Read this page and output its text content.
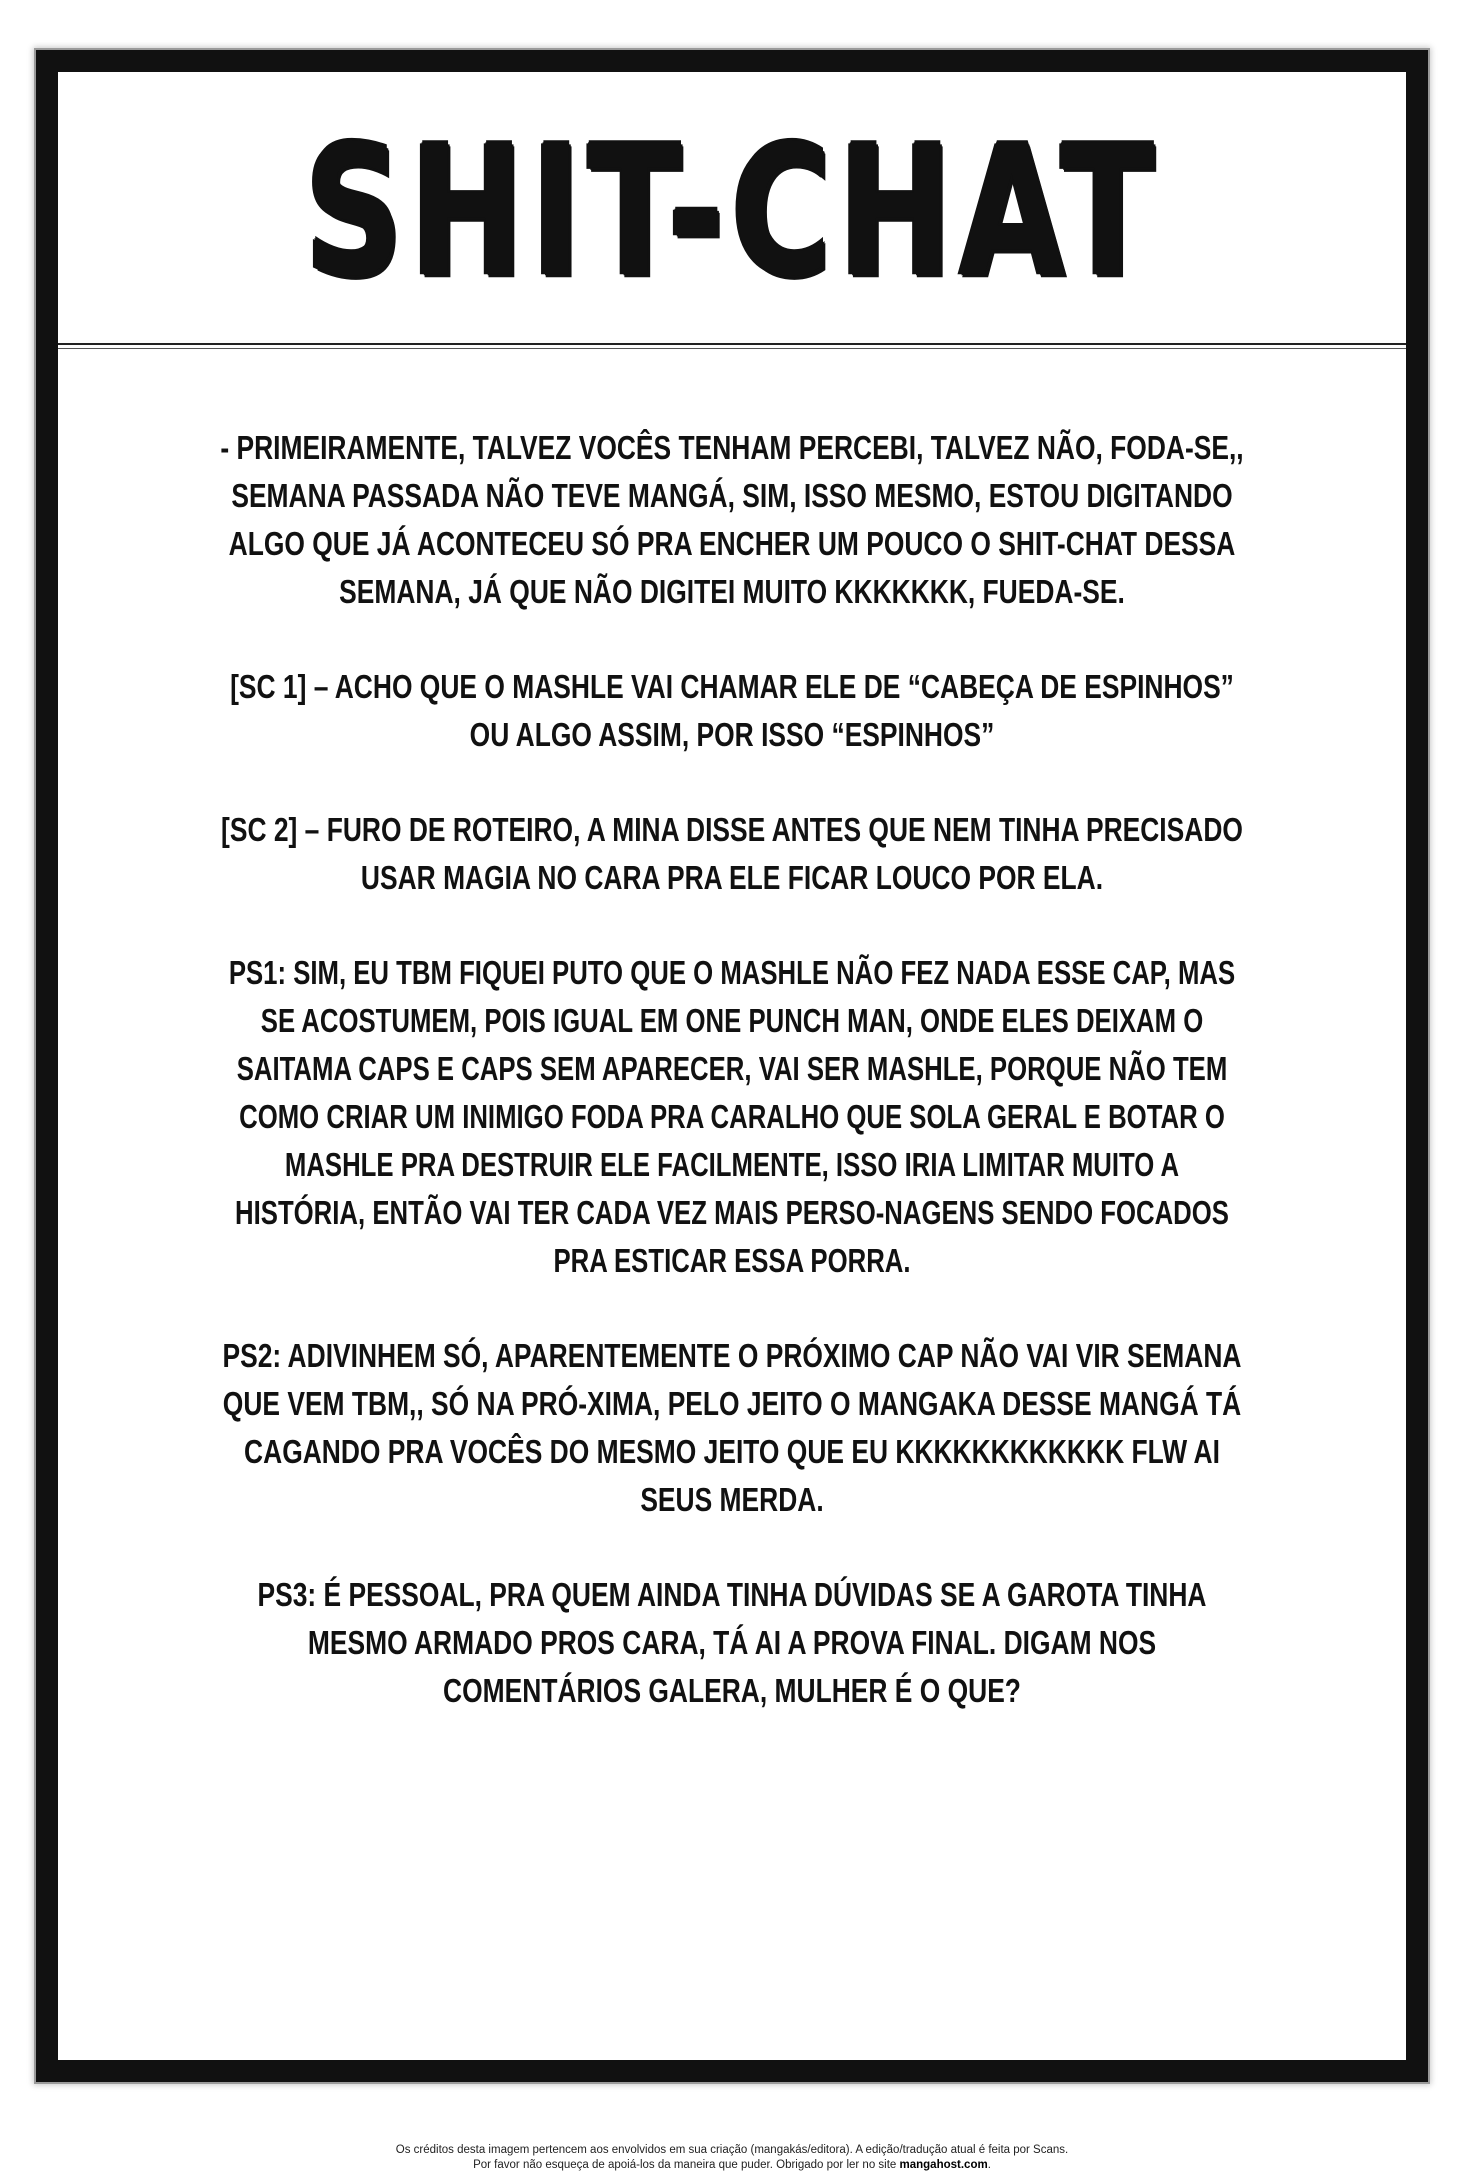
SHIT-CHAT

- PRIMEIRAMENTE, TALVEZ VOCÊS TENHAM PERCEBI, TALVEZ NÃO, FODA-SE,, SEMANA PASSADA NÃO TEVE MANGÁ, SIM, ISSO MESMO, ESTOU DIGITANDO ALGO QUE JÁ ACONTECEU SÓ PRA ENCHER UM POUCO O SHIT-CHAT DESSA SEMANA, JÁ QUE NÃO DIGITEI MUITO KKKKKKK, FUEDA-SE.

[SC 1] – ACHO QUE O MASHLE VAI CHAMAR ELE DE “CABEÇA DE ESPINHOS” OU ALGO ASSIM, POR ISSO “ESPINHOS”

[SC 2] – FURO DE ROTEIRO, A MINA DISSE ANTES QUE NEM TINHA PRECISADO USAR MAGIA NO CARA PRA ELE FICAR LOUCO POR ELA.

PS1: SIM, EU TBM FIQUEI PUTO QUE O MASHLE NÃO FEZ NADA ESSE CAP, MAS SE ACOSTUMEM, POIS IGUAL EM ONE PUNCH MAN, ONDE ELES DEIXAM O SAITAMA CAPS E CAPS SEM APARECER, VAI SER MASHLE, PORQUE NÃO TEM COMO CRIAR UM INIMIGO FODA PRA CARALHO QUE SOLA GERAL E BOTAR O MASHLE PRA DESTRUIR ELE FACILMENTE, ISSO IRIA LIMITAR MUITO A HISTÓRIA, ENTÃO VAI TER CADA VEZ MAIS PERSO-NAGENS SENDO FOCADOS PRA ESTICAR ESSA PORRA.

PS2: ADIVINHEM SÓ, APARENTEMENTE O PRÓXIMO CAP NÃO VAI VIR SEMANA QUE VEM TBM,, SÓ NA PRÓ-XIMA, PELO JEITO O MANGAKA DESSE MANGÁ TÁ CAGANDO PRA VOCÊS DO MESMO JEITO QUE EU KKKKKKKKKKKK FLW AI SEUS MERDA.

PS3: É PESSOAL, PRA QUEM AINDA TINHA DÚVIDAS SE A GAROTA TINHA MESMO ARMADO PROS CARA, TÁ AI A PROVA FINAL. DIGAM NOS COMENTÁRIOS GALERA, MULHER É O QUE?

Os créditos desta imagem pertencem aos envolvidos em sua criação (mangakás/editora). A edição/tradução atual é feita por Scans.
Por favor não esqueça de apoiá-los da maneira que puder. Obrigado por ler no site mangahost.com.
